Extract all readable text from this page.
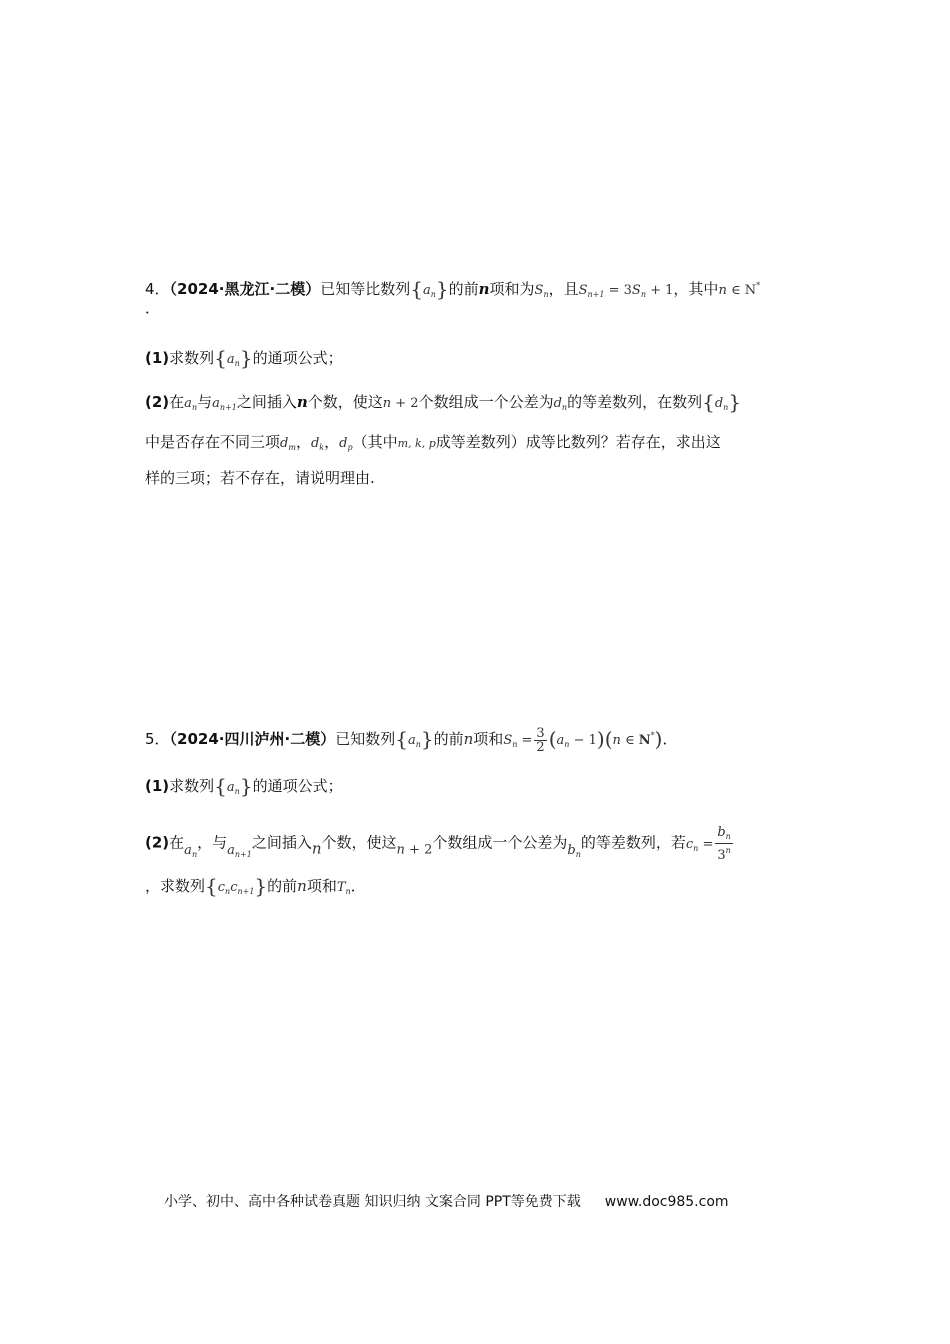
4．（2024·黑龙江·二模）已知等比数列$\{a_n\}$的前n项和为$S_n$，且$S_{n+1} = 3S_n + 1$，其中n ∈ N*
．
(1)求数列$\{a_n\}$的通项公式；
(2)在$a_n$与$a_{n+1}$之间插入n个数，使这n + 2个数组成一个公差为$d_n$的等差数列，在数列$\{d_n\}$
中是否存在不同三项$d_m$，$d_k$，$d_p$（其中m, k, p成等差数列）成等比数列？若存在，求出这
样的三项；若不存在，请说明理由.
5．（2024·四川泸州·二模）已知数列$\{a_n\}$的前n项和$S_n = \frac{3}{2} (a_n - 1)(n$ ∈ N*)．
(1)求数列$\{a_n\}$的通项公式；
(2)在$a_n$，与$a_{n+1}$之间插入n个数，使这n + 2个数组成一个公差为$b_n$的等差数列，若$c_n = \frac{b_n}{3^n}$
，求数列$\{c_nc_{n+1}\}$的前n项和$T_n$．
小学、初中、高中各种试卷真题 知识归纳 文案合同 PPT等免费下载 www.doc985.com
